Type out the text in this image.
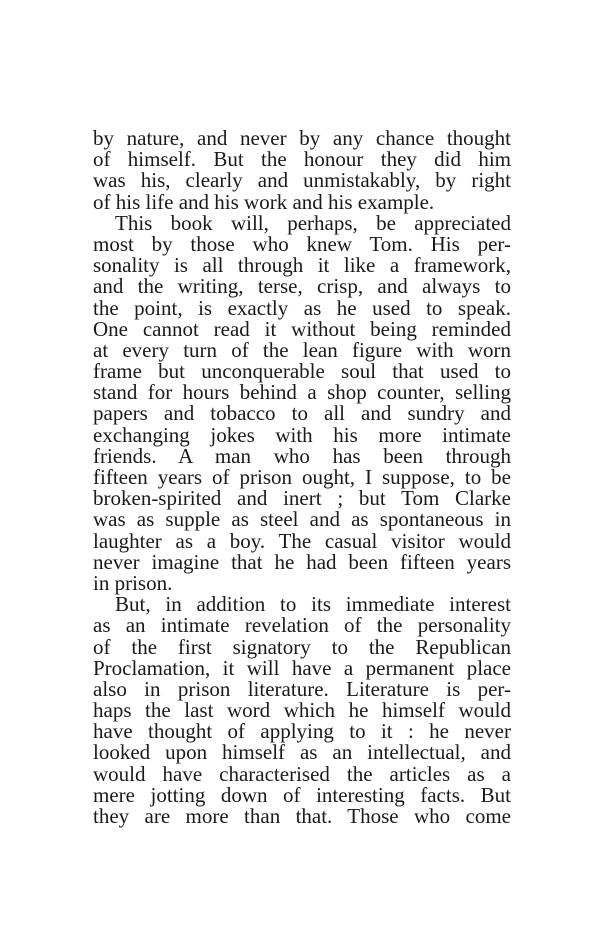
by nature, and never by any chance thought
of himself. But the honour they did him
was his, clearly and unmistakably, by right
of his life and his work and his example.
This book will, perhaps, be appreciated
most by those who knew Tom. His per-
sonality is all through it like a framework,
and the writing, terse, crisp, and always to
the point, is exactly as he used to speak.
One cannot read it without being reminded
at every turn of the lean figure with worn
frame but unconquerable soul that used to
stand for hours behind a shop counter, selling
papers and tobacco to all and sundry and
exchanging jokes with his more intimate
friends. A man who has been through
fifteen years of prison ought, I suppose, to be
broken-spirited and inert ; but Tom Clarke
was as supple as steel and as spontaneous in
laughter as a boy. The casual visitor would
never imagine that he had been fifteen years
in prison.
But, in addition to its immediate interest
as an intimate revelation of the personality
of the first signatory to the Republican
Proclamation, it will have a permanent place
also in prison literature. Literature is per-
haps the last word which he himself would
have thought of applying to it : he never
looked upon himself as an intellectual, and
would have characterised the articles as a
mere jotting down of interesting facts. But
they are more than that. Those who come
